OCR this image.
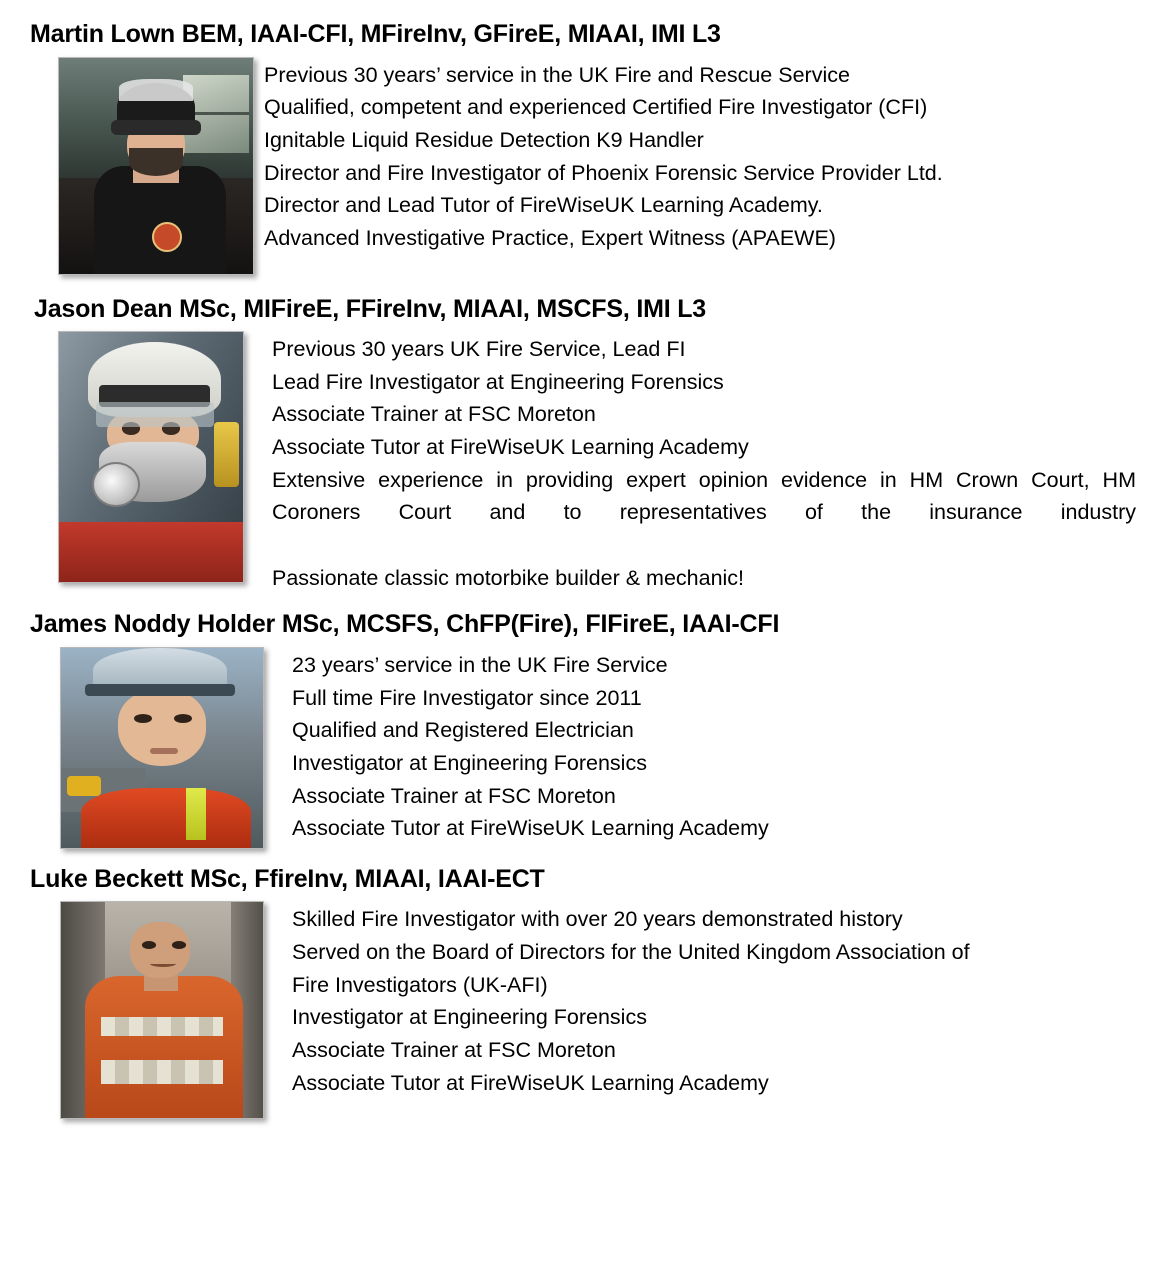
Martin Lown BEM, IAAI-CFI, MFireInv, GFireE, MIAAI, IMI L3
Previous 30 years’ service in the UK Fire and Rescue Service
Qualified, competent and experienced Certified Fire Investigator (CFI)
Ignitable Liquid Residue Detection K9 Handler
Director and Fire Investigator of Phoenix Forensic Service Provider Ltd.
Director and Lead Tutor of FireWiseUK Learning Academy.
Advanced Investigative Practice, Expert Witness (APAEWE)
Jason Dean MSc, MIFireE, FFireInv, MIAAI, MSCFS, IMI L3
Previous 30 years UK Fire Service, Lead FI
Lead Fire Investigator at Engineering Forensics
Associate Trainer at FSC Moreton
Associate Tutor at FireWiseUK Learning Academy
Extensive experience in providing expert opinion evidence in HM Crown Court, HM Coroners Court and to representatives of the insurance industry
Passionate classic motorbike builder & mechanic!
James Noddy Holder MSc, MCSFS, ChFP(Fire), FIFireE, IAAI-CFI
23 years’ service in the UK Fire Service
Full time Fire Investigator since 2011
Qualified and Registered Electrician
Investigator at Engineering Forensics
Associate Trainer at FSC Moreton
Associate Tutor at FireWiseUK Learning Academy
Luke Beckett MSc, FfireInv, MIAAI, IAAI-ECT
Skilled Fire Investigator with over 20 years demonstrated history
Served on the Board of Directors for the United Kingdom Association of Fire Investigators (UK-AFI)
Investigator at Engineering Forensics
Associate Trainer at FSC Moreton
Associate Tutor at FireWiseUK Learning Academy
